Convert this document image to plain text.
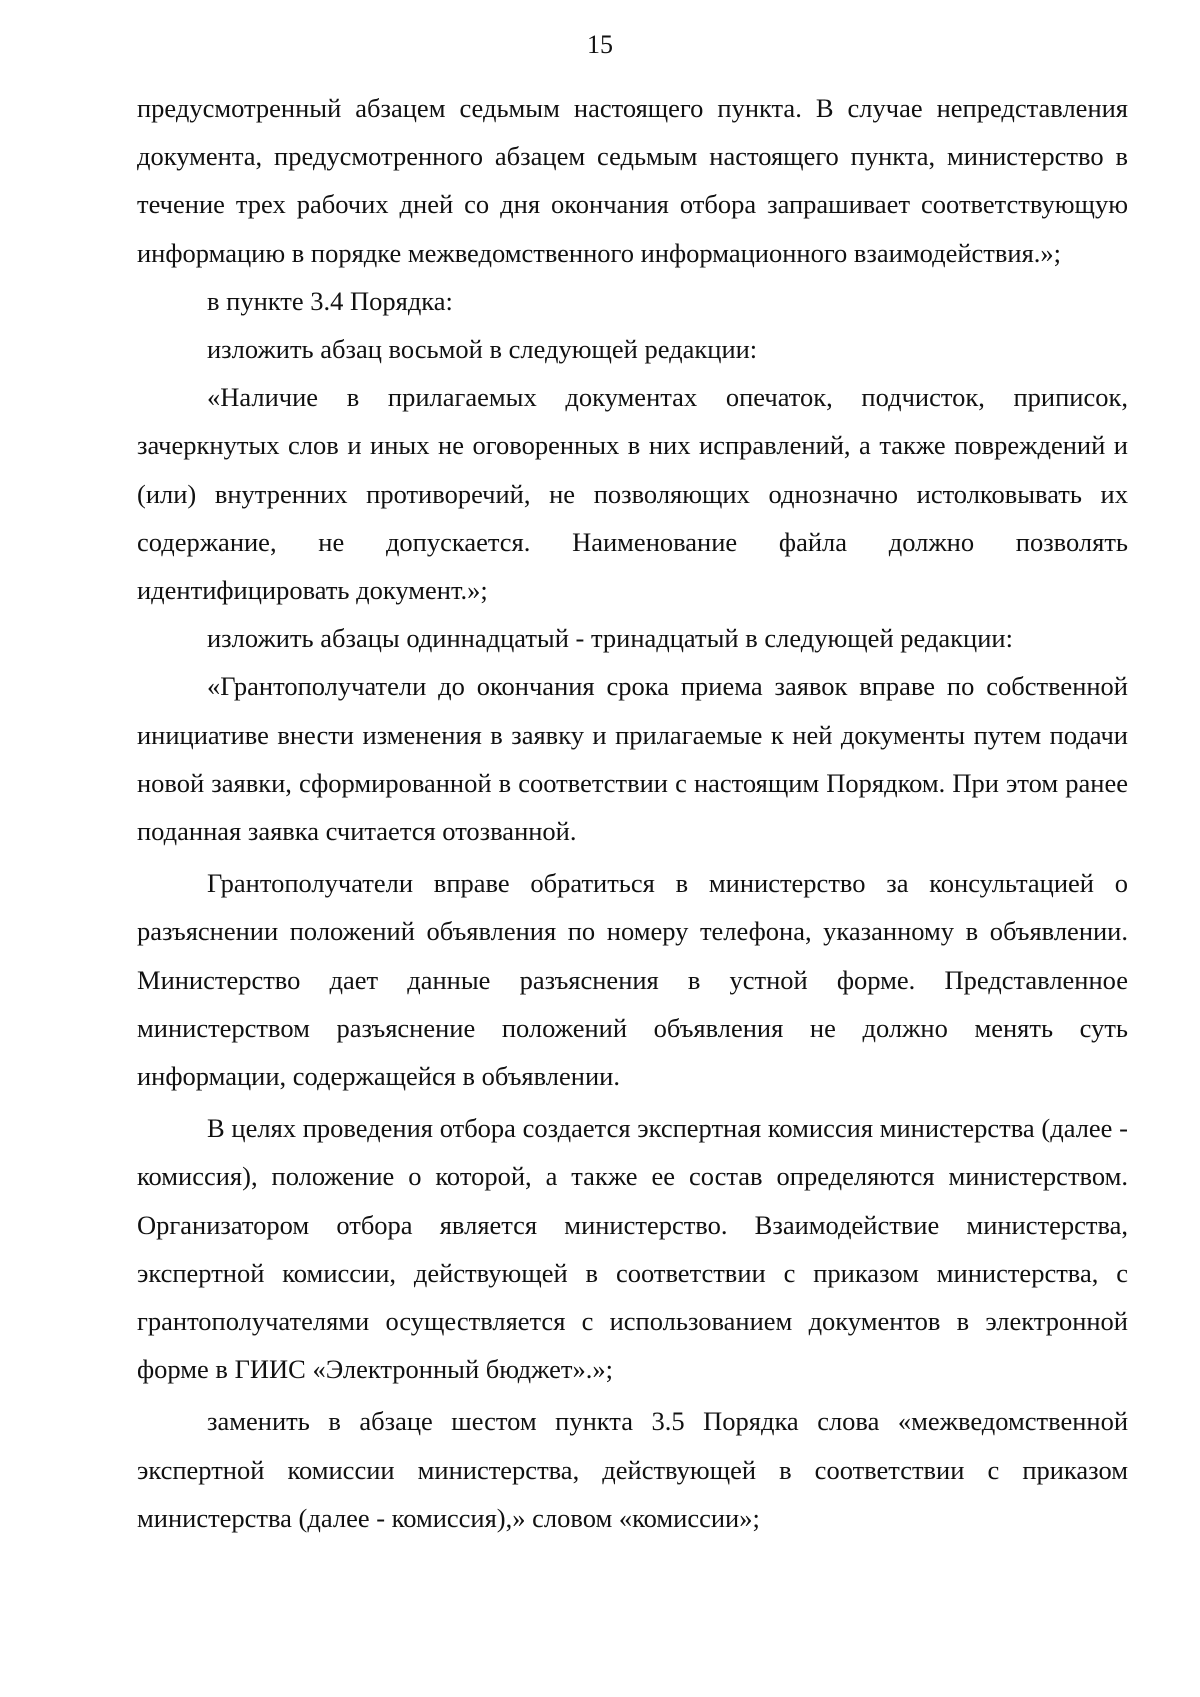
15

предусмотренный абзацем седьмым настоящего пункта. В случае непредставления документа, предусмотренного абзацем седьмым настоящего пункта, министерство в течение трех рабочих дней со дня окончания отбора запрашивает соответствующую информацию в порядке межведомственного информационного взаимодействия.»;

в пункте 3.4 Порядка:

изложить абзац восьмой в следующей редакции:

«Наличие в прилагаемых документах опечаток, подчисток, приписок, зачеркнутых слов и иных не оговоренных в них исправлений, а также повреждений и (или) внутренних противоречий, не позволяющих однозначно истолковывать их содержание, не допускается. Наименование файла должно позволять идентифицировать документ.»;

изложить абзацы одиннадцатый - тринадцатый в следующей редакции:

«Грантополучатели до окончания срока приема заявок вправе по собственной инициативе внести изменения в заявку и прилагаемые к ней документы путем подачи новой заявки, сформированной в соответствии с настоящим Порядком. При этом ранее поданная заявка считается отозванной.

Грантополучатели вправе обратиться в министерство за консультацией о разъяснении положений объявления по номеру телефона, указанному в объявлении. Министерство дает данные разъяснения в устной форме. Представленное министерством разъяснение положений объявления не должно менять суть информации, содержащейся в объявлении.

В целях проведения отбора создается экспертная комиссия министерства (далее - комиссия), положение о которой, а также ее состав определяются министерством. Организатором отбора является министерство. Взаимодействие министерства, экспертной комиссии, действующей в соответствии с приказом министерства, с грантополучателями осуществляется с использованием документов в электронной форме в ГИИС «Электронный бюджет».»;

заменить в абзаце шестом пункта 3.5 Порядка слова «межведомственной экспертной комиссии министерства, действующей в соответствии с приказом министерства (далее - комиссия),» словом «комиссии»;
